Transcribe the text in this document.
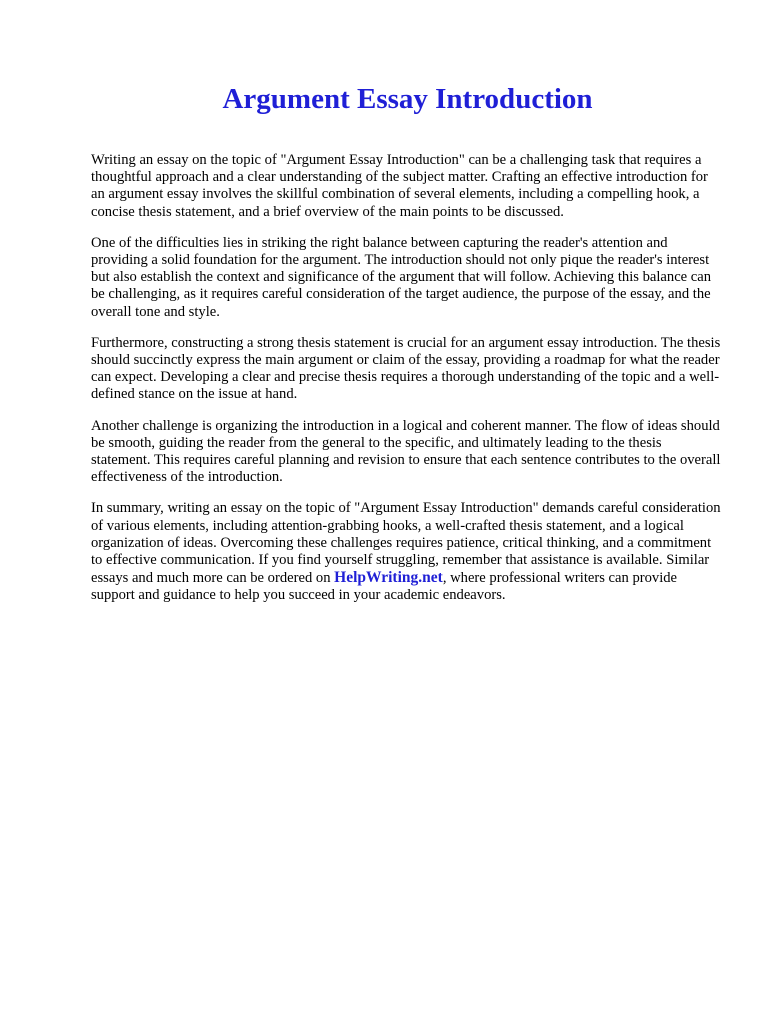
Argument Essay Introduction

Writing an essay on the topic of "Argument Essay Introduction" can be a challenging task that requires a thoughtful approach and a clear understanding of the subject matter. Crafting an effective introduction for an argument essay involves the skillful combination of several elements, including a compelling hook, a concise thesis statement, and a brief overview of the main points to be discussed.

One of the difficulties lies in striking the right balance between capturing the reader's attention and providing a solid foundation for the argument. The introduction should not only pique the reader's interest but also establish the context and significance of the argument that will follow. Achieving this balance can be challenging, as it requires careful consideration of the target audience, the purpose of the essay, and the overall tone and style.

Furthermore, constructing a strong thesis statement is crucial for an argument essay introduction. The thesis should succinctly express the main argument or claim of the essay, providing a roadmap for what the reader can expect. Developing a clear and precise thesis requires a thorough understanding of the topic and a well-defined stance on the issue at hand.

Another challenge is organizing the introduction in a logical and coherent manner. The flow of ideas should be smooth, guiding the reader from the general to the specific, and ultimately leading to the thesis statement. This requires careful planning and revision to ensure that each sentence contributes to the overall effectiveness of the introduction.

In summary, writing an essay on the topic of "Argument Essay Introduction" demands careful consideration of various elements, including attention-grabbing hooks, a well-crafted thesis statement, and a logical organization of ideas. Overcoming these challenges requires patience, critical thinking, and a commitment to effective communication. If you find yourself struggling, remember that assistance is available. Similar essays and much more can be ordered on HelpWriting.net, where professional writers can provide support and guidance to help you succeed in your academic endeavors.
